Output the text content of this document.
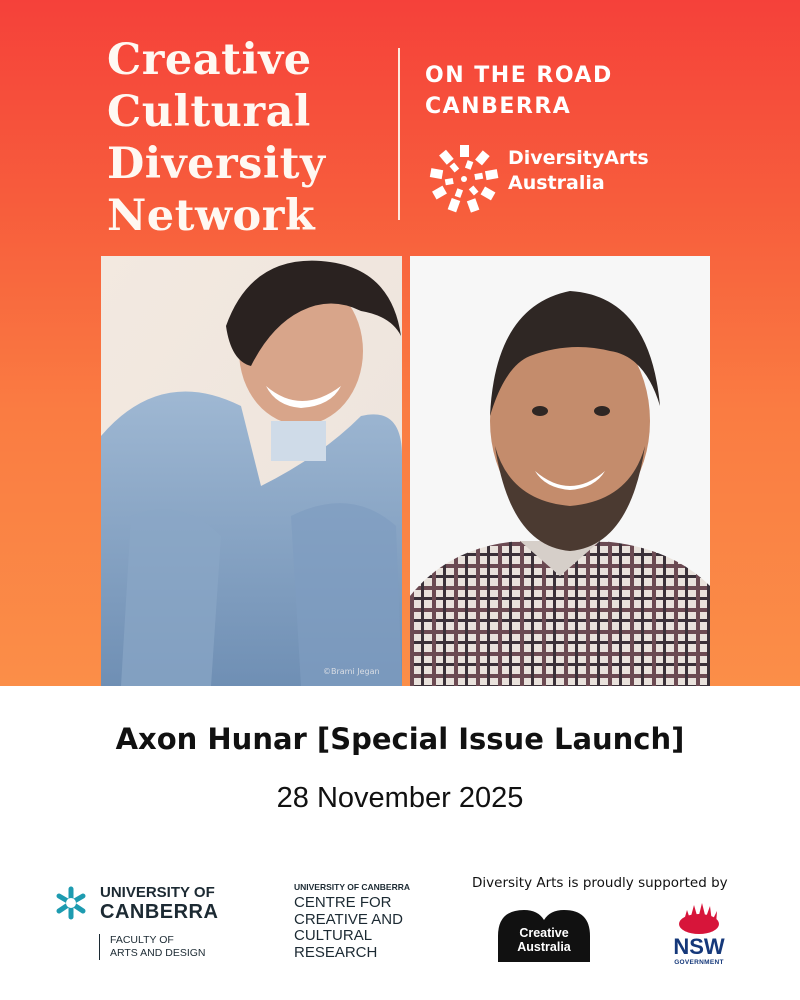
Creative
Cultural
Diversity
Network
ON THE ROAD
CANBERRA
DiversityArts
Australia
©Brami Jegan
Axon Hunar [Special Issue Launch]
28 November 2025
UNIVERSITY OF
CANBERRA
FACULTY OF
ARTS AND DESIGN
UNIVERSITY OF CANBERRA
CENTRE FOR
CREATIVE AND
CULTURAL
RESEARCH
Diversity Arts is proudly supported by
Creative
Australia	NSW
GOVERNMENT
